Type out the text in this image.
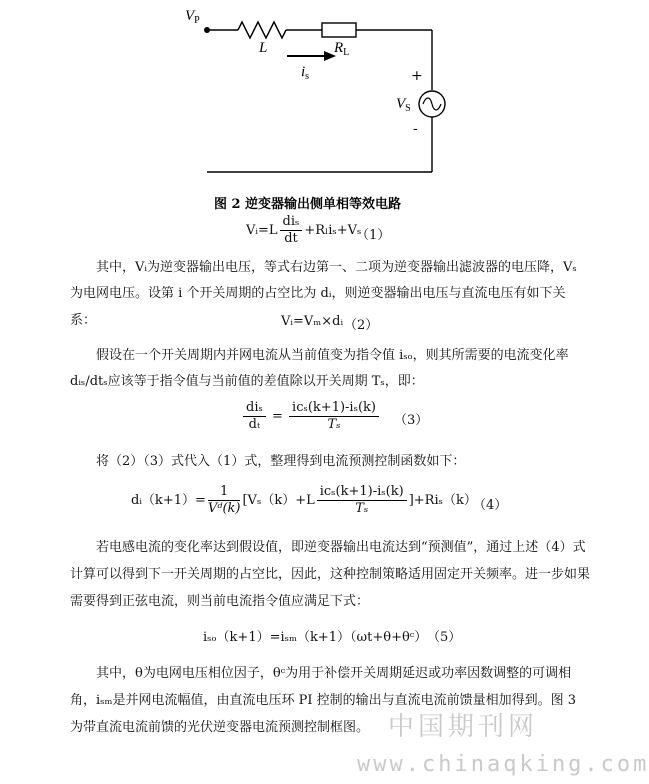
$V_P$
L	$R_L$
$i_s$
$V_S$
+
-
图 2 逆变器输出侧单相等效电路
Vᵢ=L $\frac{\text{diₛ}}{dt} +R_li_s+V_s$
（1）
其中，Vᵢ为逆变器输出电压，等式右边第一、二项为逆变器输出滤波器的电压降，Vₛ
为电网电压。设第 i 个开关周期的占空比为 dᵢ，则逆变器输出电压与直流电压有如下关系：	Vᵢ=Vₘ×dᵢ （2）
假设在一个开关周期内并网电流从当前值变为指令值 iₛₒ，则其所需要的电流变化率
dᵢₛ/dtₛ应该等于指令值与当前值的差值除以开关周期 Tₛ，即：
$\frac{\text{diₛ}}{\text{dₜ}} = \frac{\text{icₛ(k+1)-iₛ(k)}}{\text{Tₛ}} (3)$
将（2）（3）式代入（1）式，整理得到电流预测控制函数如下：
dᵢ（k+1）= $\frac{1}{\text{Vᵈ(k)}} [V_s(k)+L \frac{\text{icₛ(k+1)-iₛ(k)}}{\text{Tₛ}} ]+Ri_s(k)$
（4）
若电感电流的变化率达到假设值，即逆变器输出电流达到“预测值”，通过上述（4）式计算可以得到下一开关周期的占空比，因此，这种控制策略适用固定开关频率。进一步如果需要得到正弦电流，则当前电流指令值应满足下式：
iₛₒ（k+1）=iₛₘ（k+1）（ωt+θ+θᶜ） （5）
其中，θ为电网电压相位因子，θᶜ为用于补偿开关周期延迟或功率因数调整的可调相角，iₛₘ是并网电流幅值，由直流电压环 PI 控制的输出与直流电流前馈量相加得到。图 3 为带直流电流前馈的光伏逆变器电流预测控制框图。 中国期刊网
www.chinaqking.com
